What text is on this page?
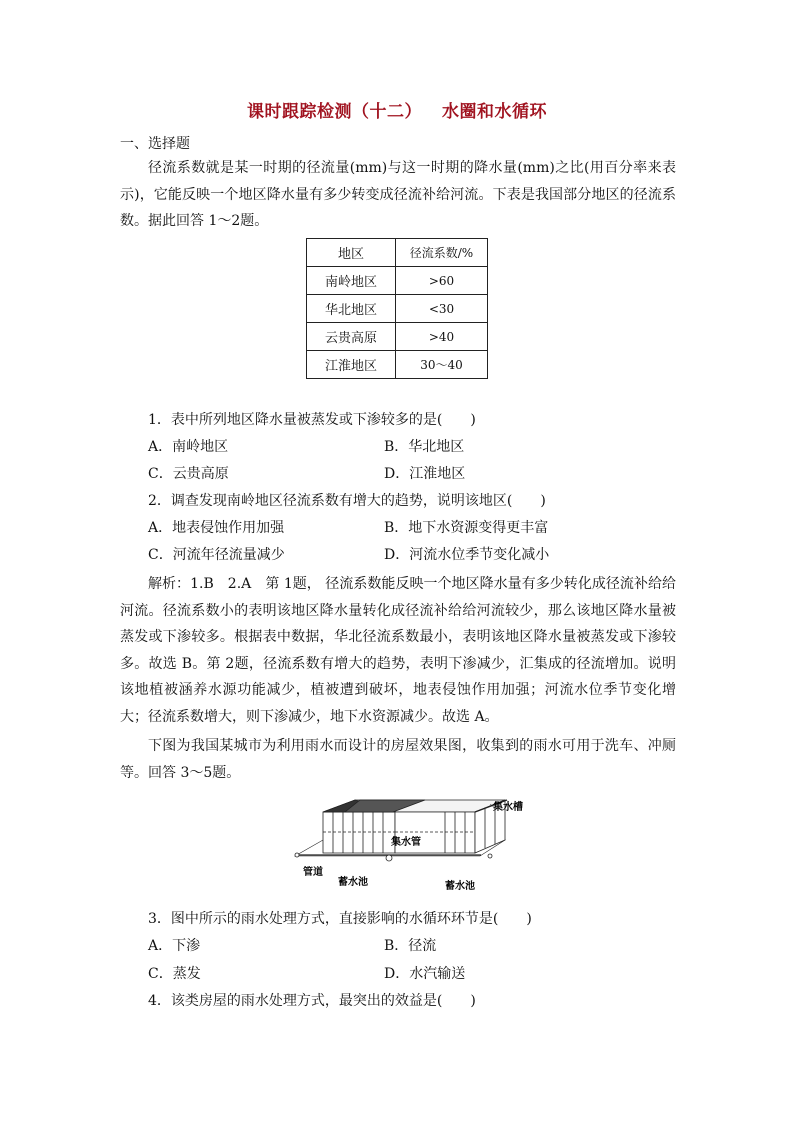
课时跟踪检测（十二） 水圈和水循环
一、选择题
径流系数就是某一时期的径流量(mm)与这一时期的降水量(mm)之比(用百分率来表示)，它能反映一个地区降水量有多少转变成径流补给河流。下表是我国部分地区的径流系数。据此回答 1～2题。
地区	径流系数/%
南岭地区	>60
华北地区	<30
云贵高原	>40
江淮地区	30～40
1．表中所列地区降水量被蒸发或下渗较多的是(　　)
A．南岭地区	B．华北地区
C．云贵高原	D．江淮地区
2．调查发现南岭地区径流系数有增大的趋势，说明该地区(　　)
A．地表侵蚀作用加强	B．地下水资源变得更丰富
C．河流年径流量减少	D．河流水位季节变化减小
解析：1.B　2.A　第 1题， 径流系数能反映一个地区降水量有多少转化成径流补给给河流。径流系数小的表明该地区降水量转化成径流补给给河流较少，那么该地区降水量被蒸发或下渗较多。根据表中数据，华北径流系数最小，表明该地区降水量被蒸发或下渗较多。故选 B。第 2题，径流系数有增大的趋势，表明下渗减少，汇集成的径流增加。说明该地植被涵养水源功能减少，植被遭到破坏，地表侵蚀作用加强；河流水位季节变化增大；径流系数增大，则下渗减少，地下水资源减少。故选 A。
下图为我国某城市为利用雨水而设计的房屋效果图，收集到的雨水可用于洗车、冲厕等。回答 3～5题。
集水槽
集水管
管道
蓄水池	蓄水池
3．图中所示的雨水处理方式，直接影响的水循环环节是(　　)
A．下渗	B．径流
C．蒸发	D．水汽输送
4．该类房屋的雨水处理方式，最突出的效益是(　　)
